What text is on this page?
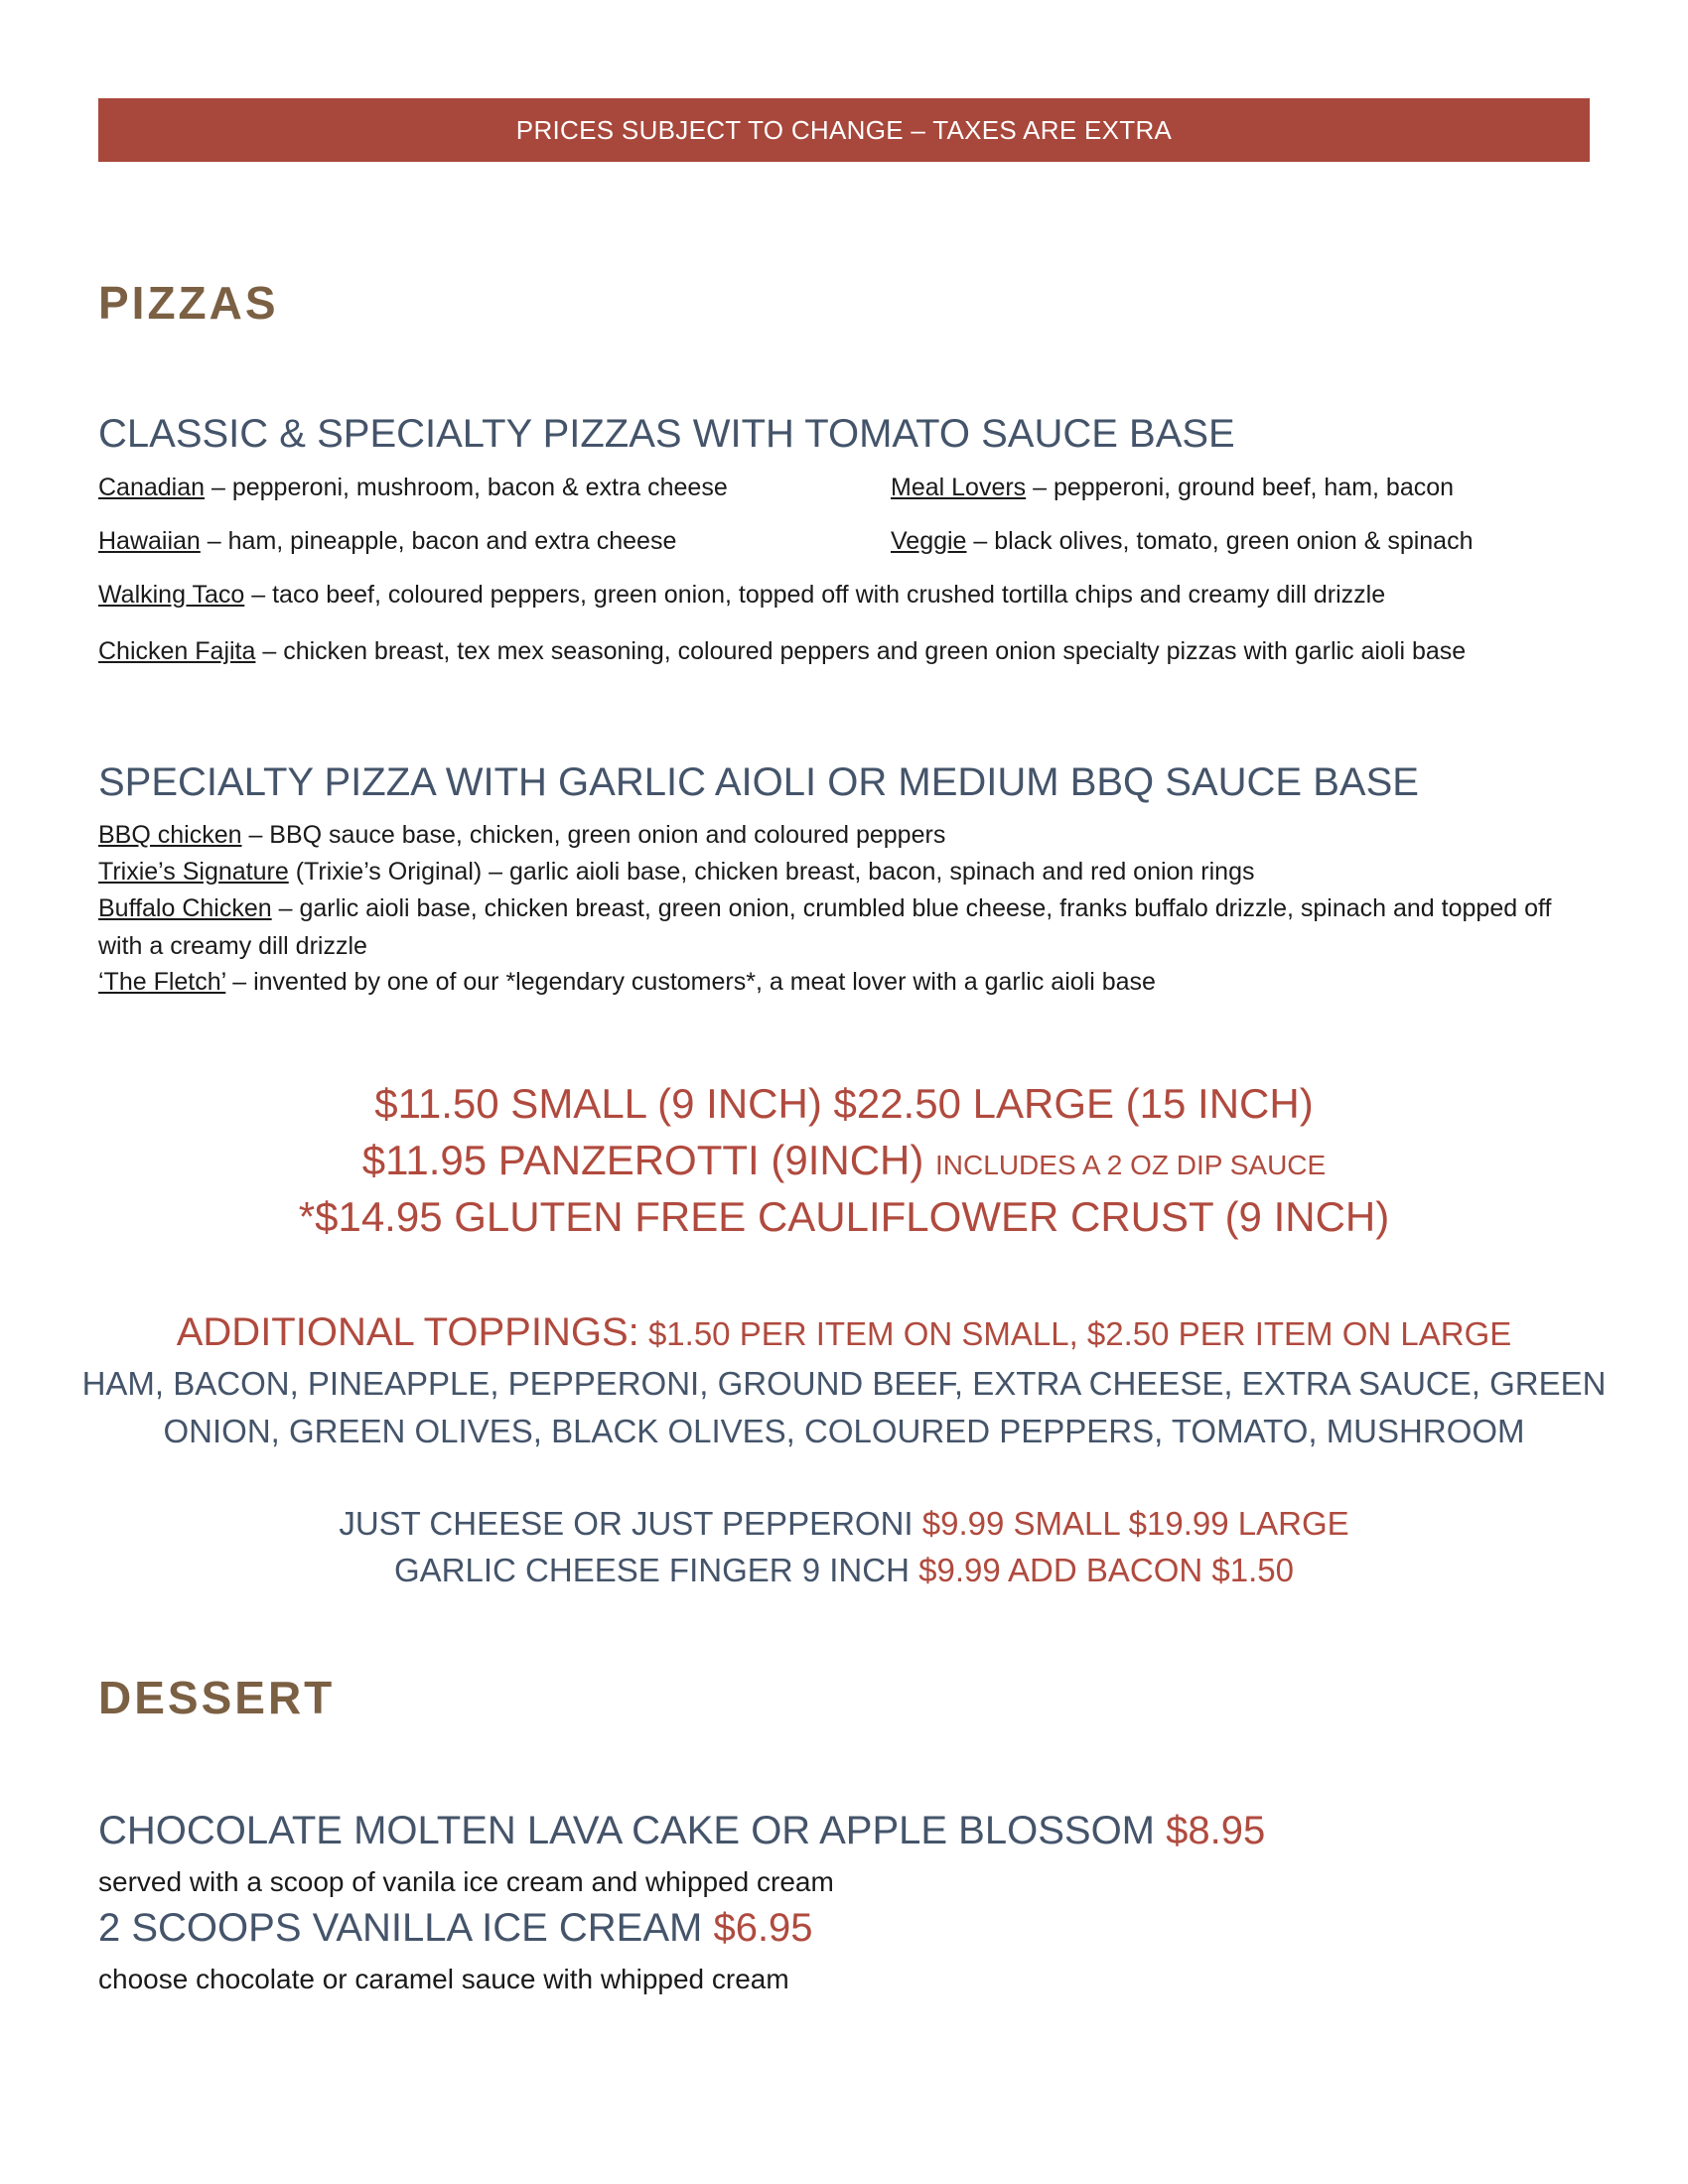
PRICES SUBJECT TO CHANGE – TAXES ARE EXTRA
PIZZAS
CLASSIC & SPECIALTY PIZZAS WITH TOMATO SAUCE BASE
Canadian – pepperoni, mushroom, bacon & extra cheese	Meal Lovers – pepperoni, ground beef, ham, bacon
Hawaiian – ham, pineapple, bacon and extra cheese	Veggie – black olives, tomato, green onion & spinach
Walking Taco – taco beef, coloured peppers, green onion, topped off with crushed tortilla chips and creamy dill drizzle
Chicken Fajita – chicken breast, tex mex seasoning, coloured peppers and green onion specialty pizzas with garlic aioli base
SPECIALTY PIZZA WITH GARLIC AIOLI OR MEDIUM BBQ SAUCE BASE
BBQ chicken – BBQ sauce base, chicken, green onion and coloured peppers
Trixie’s Signature (Trixie’s Original) – garlic aioli base, chicken breast, bacon, spinach and red onion rings
Buffalo Chicken – garlic aioli base, chicken breast, green onion, crumbled blue cheese, franks buffalo drizzle, spinach and topped off with a creamy dill drizzle
‘The Fletch’ – invented by one of our *legendary customers*, a meat lover with a garlic aioli base
$11.50 SMALL (9 INCH) $22.50 LARGE (15 INCH)
$11.95 PANZEROTTI (9INCH) INCLUDES A 2 OZ DIP SAUCE
*$14.95 GLUTEN FREE CAULIFLOWER CRUST (9 INCH)
ADDITIONAL TOPPINGS: $1.50 PER ITEM ON SMALL, $2.50 PER ITEM ON LARGE
HAM, BACON, PINEAPPLE, PEPPERONI, GROUND BEEF, EXTRA CHEESE, EXTRA SAUCE, GREEN
ONION, GREEN OLIVES, BLACK OLIVES, COLOURED PEPPERS, TOMATO, MUSHROOM
JUST CHEESE OR JUST PEPPERONI $9.99 SMALL $19.99 LARGE
GARLIC CHEESE FINGER 9 INCH $9.99 ADD BACON $1.50
DESSERT
CHOCOLATE MOLTEN LAVA CAKE OR APPLE BLOSSOM $8.95
served with a scoop of vanila ice cream and whipped cream
2 SCOOPS VANILLA ICE CREAM $6.95
choose chocolate or caramel sauce with whipped cream
